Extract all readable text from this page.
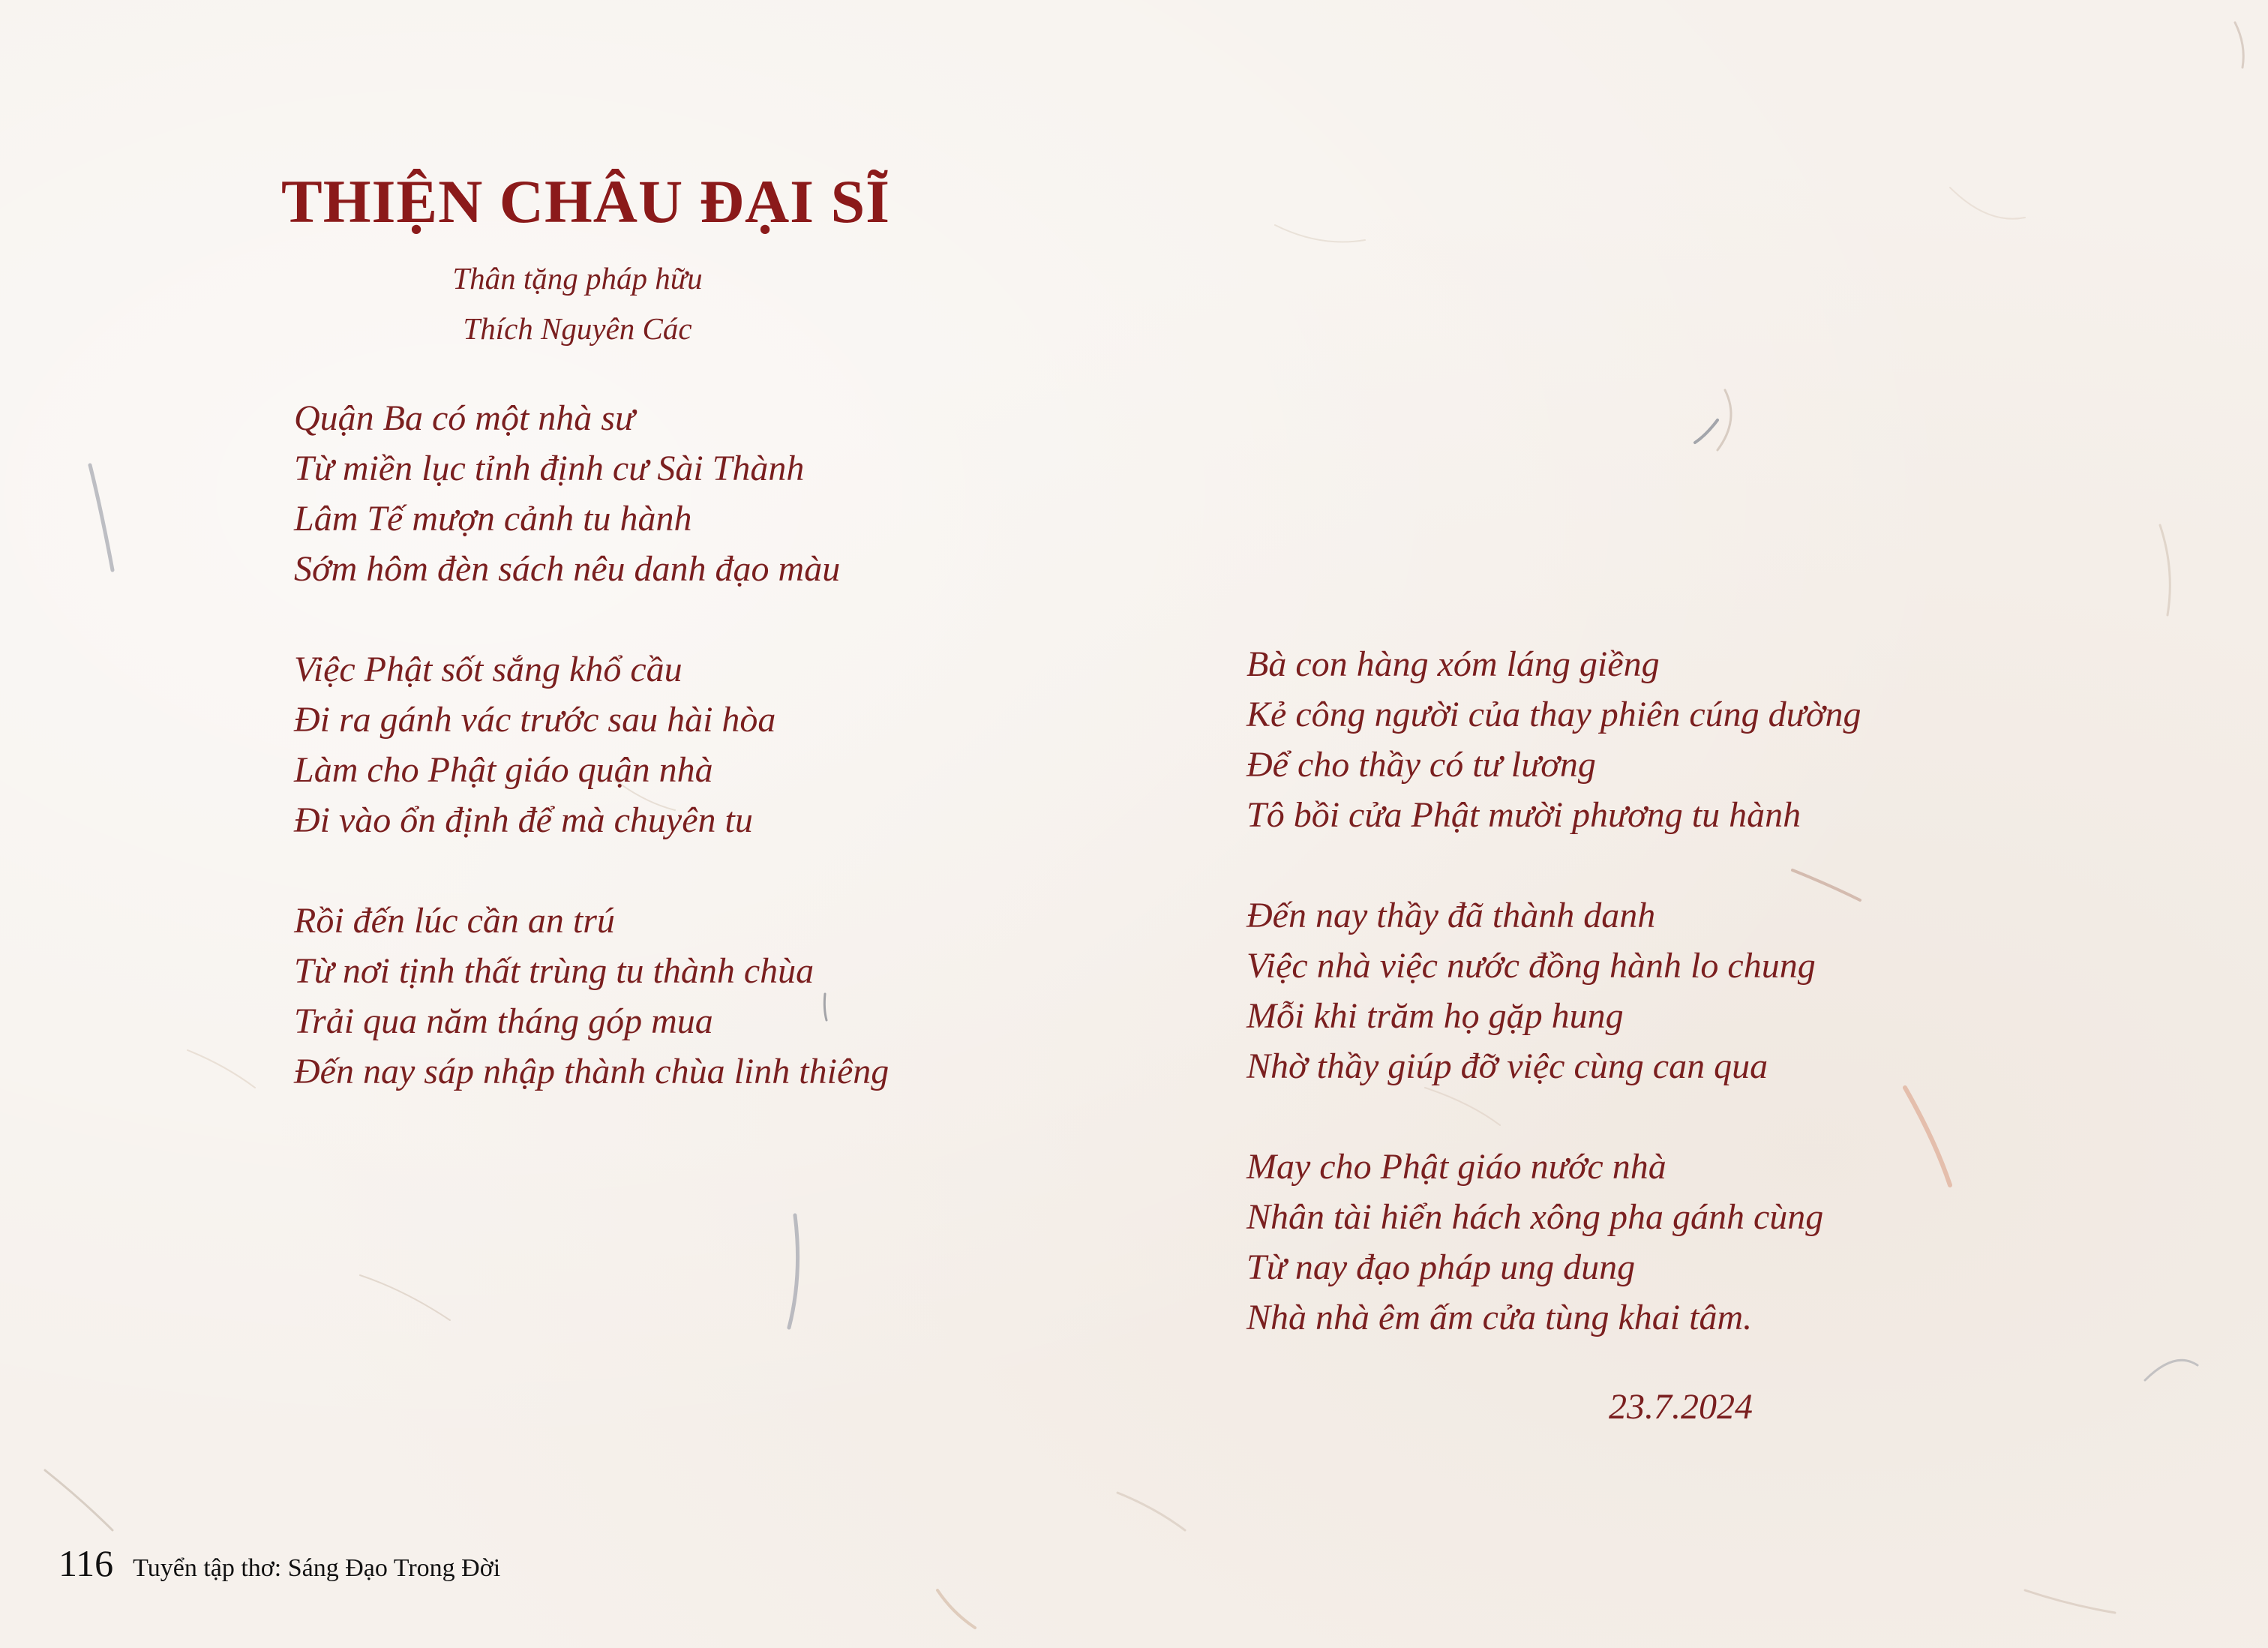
THIỆN CHÂU ĐẠI SĨ
Thân tặng pháp hữu
Thích Nguyên Các
Quận Ba có một nhà sư
Từ miền lục tỉnh định cư Sài Thành
Lâm Tế mượn cảnh tu hành
Sớm hôm đèn sách nêu danh đạo màu
Việc Phật sốt sắng khổ cầu
Đi ra gánh vác trước sau hài hòa
Làm cho Phật giáo quận nhà
Đi vào ổn định để mà chuyên tu
Rồi đến lúc cần an trú
Từ nơi tịnh thất trùng tu thành chùa
Trải qua năm tháng góp mua
Đến nay sáp nhập thành chùa linh thiêng
Bà con hàng xóm láng giềng
Kẻ công người của thay phiên cúng dường
Để cho thầy có tư lương
Tô bồi cửa Phật mười phương tu hành
Đến nay thầy đã thành danh
Việc nhà việc nước đồng hành lo chung
Mỗi khi trăm họ gặp hung
Nhờ thầy giúp đỡ việc cùng can qua
May cho Phật giáo nước nhà
Nhân tài hiển hách xông pha gánh cùng
Từ nay đạo pháp ung dung
Nhà nhà êm ấm cửa tùng khai tâm.
23.7.2024
116 Tuyển tập thơ: Sáng Đạo Trong Đời
